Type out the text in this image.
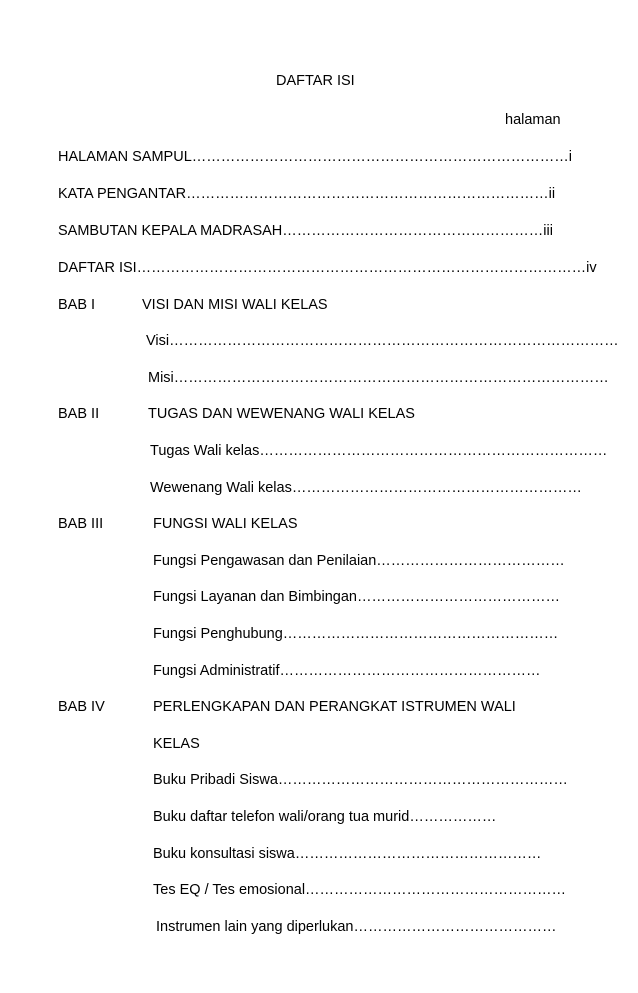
DAFTAR ISI
halaman
HALAMAN SAMPUL……………………………………………………………………i
KATA PENGANTAR…………………………………………………………………ii
SAMBUTAN KEPALA MADRASAH………………………………………………iii
DAFTAR ISI…………………………………………………………………………………iv
BAB I	VISI DAN MISI WALI KELAS
Visi…………………………………………………………………………………
Misi………………………………………………………………………………
BAB II	TUGAS DAN WEWENANG WALI KELAS
Tugas Wali kelas………………………………………………………………
Wewenang Wali kelas……………………………………………………
BAB III	FUNGSI WALI KELAS
Fungsi Pengawasan dan Penilaian…………………………………
Fungsi Layanan dan Bimbingan……………………………………
Fungsi Penghubung…………………………………………………
Fungsi Administratif………………………………………………
BAB IV	PERLENGKAPAN DAN PERANGKAT ISTRUMEN WALI
KELAS
Buku Pribadi Siswa……………………………………………………
Buku daftar telefon wali/orang tua murid………………
Buku konsultasi siswa……………………………………………
Tes EQ / Tes emosional………………………………………………
Instrumen lain yang diperlukan……………………………………
